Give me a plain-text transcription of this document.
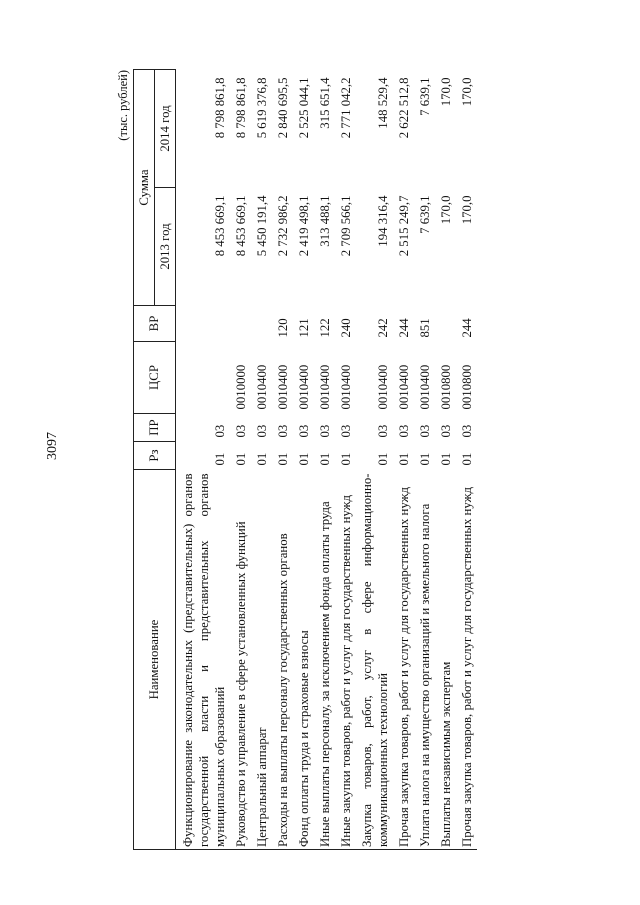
3097
(тыс. рублей)
Наименование	Рз	ПР	ЦСР	ВР	Сумма	
					2013 год	2014 год
Функционирование законодательных (представительных) органов государственной власти и представительных органов муниципальных образований	01	03			8 453 669,1	8 798 861,8
Руководство и управление в сфере установленных функций	01	03	0010000		8 453 669,1	8 798 861,8
Центральный аппарат	01	03	0010400		5 450 191,4	5 619 376,8
Расходы на выплаты персоналу государственных органов	01	03	0010400	120	2 732 986,2	2 840 695,5
Фонд оплаты труда и страховые взносы	01	03	0010400	121	2 419 498,1	2 525 044,1
Иные выплаты персоналу, за исключением фонда оплаты труда	01	03	0010400	122	313 488,1	315 651,4
Иные закупки товаров, работ и услуг для государственных нужд	01	03	0010400	240	2 709 566,1	2 771 042,2
Закупка товаров, работ, услуг в сфере информационно-коммуникационных технологий	01	03	0010400	242	194 316,4	148 529,4
Прочая закупка товаров, работ и услуг для государственных нужд	01	03	0010400	244	2 515 249,7	2 622 512,8
Уплата налога на имущество организаций и земельного налога	01	03	0010400	851	7 639,1	7 639,1
Выплаты независимым экспертам	01	03	0010800		170,0	170,0
Прочая закупка товаров, работ и услуг для государственных нужд	01	03	0010800	244	170,0	170,0
